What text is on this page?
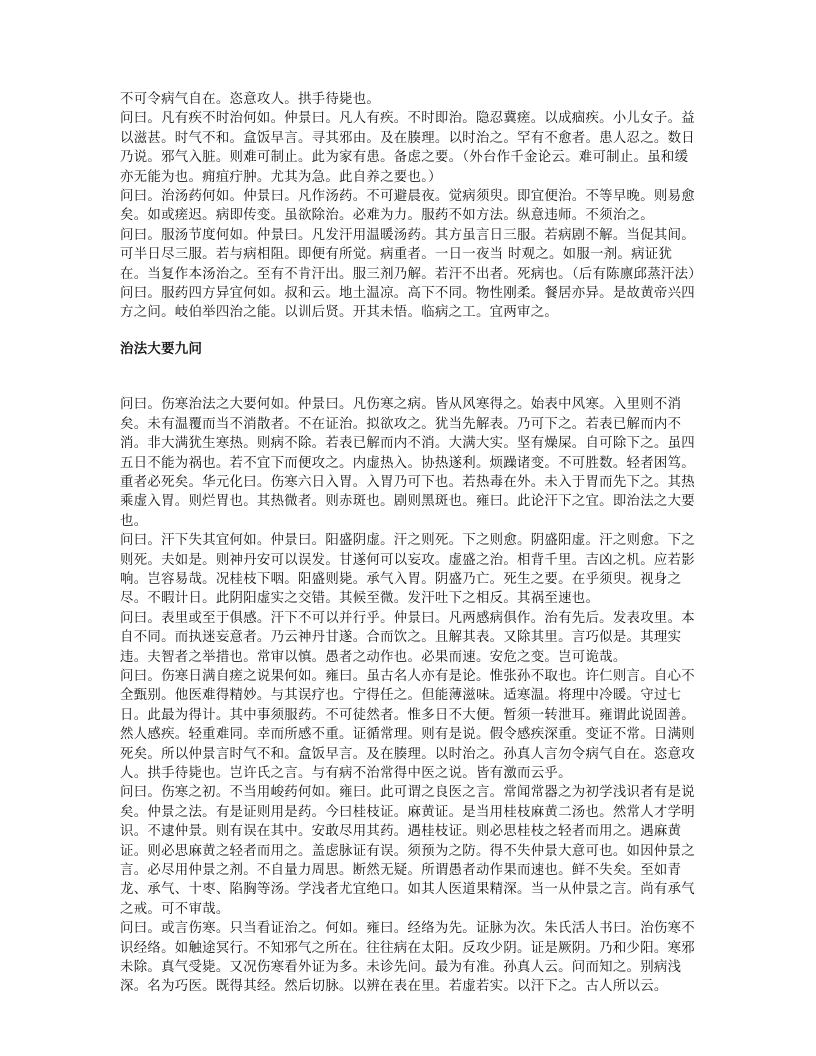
不可令病气自在。恣意攻人。拱手待毙也。

问曰。凡有疾不时治何如。仲景曰。凡人有疾。不时即治。隐忍冀瘥。以成痼疾。小儿女子。益以滋甚。时气不和。盒饭早言。寻其邪由。及在腠理。以时治之。罕有不愈者。患人忍之。数日乃说。邪气入脏。则难可制止。此为家有患。备虑之要。（外台作千金论云。难可制止。虽和缓亦无能为也。痈疽疔肿。尤其为急。此自养之要也。）

问曰。治汤药何如。仲景曰。凡作汤药。不可避晨夜。觉病须臾。即宜便治。不等早晚。则易愈矣。如或瘥迟。病即传变。虽欲除治。必难为力。服药不如方法。纵意违师。不须治之。

问曰。服汤节度何如。仲景曰。凡发汗用温暖汤药。其方虽言日三服。若病剧不解。当促其间。可半日尽三服。若与病相阻。即便有所觉。病重者。一日一夜当 时观之。如服一剂。病证犹在。当复作本汤治之。至有不肯汗出。服三剂乃解。若汗不出者。死病也。（后有陈廪邱蒸汗法）

问曰。服药四方异宜何如。叔和云。地土温凉。高下不同。物性刚柔。餐居亦异。是故黄帝兴四方之问。岐伯举四治之能。以训后贤。开其未悟。临病之工。宜两审之。

治法大要九问

问曰。伤寒治法之大要何如。仲景曰。凡伤寒之病。皆从风寒得之。始表中风寒。入里则不消矣。未有温覆而当不消散者。不在证治。拟欲攻之。犹当先解表。乃可下之。若表已解而内不消。非大满犹生寒热。则病不除。若表已解而内不消。大满大实。坚有燥屎。自可除下之。虽四五日不能为祸也。若不宜下而便攻之。内虚热入。协热遂利。烦躁诸变。不可胜数。轻者困笃。重者必死矣。华元化曰。伤寒六日入胃。入胃乃可下也。若热毒在外。未入于胃而先下之。其热乘虚入胃。则烂胃也。其热微者。则赤斑也。剧则黑斑也。雍曰。此论汗下之宜。即治法之大要也。

问曰。汗下失其宜何如。仲景曰。阳盛阴虚。汗之则死。下之则愈。阴盛阳虚。汗之则愈。下之则死。夫如是。则神丹安可以误发。甘遂何可以妄攻。虚盛之治。相背千里。吉凶之机。应若影响。岂容易哉。况桂枝下咽。阳盛则毙。承气入胃。阴盛乃亡。死生之要。在乎须臾。视身之尽。不暇计日。此阴阳虚实之交错。其候至微。发汗吐下之相反。其祸至速也。

问曰。表里或至于俱感。汗下不可以并行乎。仲景曰。凡两感病俱作。治有先后。发表攻里。本自不同。而执迷妄意者。乃云神丹甘遂。合而饮之。且解其表。又除其里。言巧似是。其理实违。夫智者之举措也。常审以慎。愚者之动作也。必果而速。安危之变。岂可诡哉。

问曰。伤寒日满自瘥之说果何如。雍曰。虽古名人亦有是论。惟张孙不取也。许仁则言。自心不全甄别。他医难得精妙。与其误疗也。宁得任之。但能薄滋味。适寒温。将理中冷暖。守过七日。此最为得计。其中事须服药。不可徒然者。惟多日不大便。暂须一转泄耳。雍谓此说固善。然人感疾。轻重难同。幸而所感不重。证循常理。则有是说。假令感疾深重。变证不常。日满则死矣。所以仲景言时气不和。盒饭早言。及在腠理。以时治之。孙真人言勿令病气自在。恣意攻人。拱手待毙也。岂许氏之言。与有病不治常得中医之说。皆有激而云乎。

问曰。伤寒之初。不当用峻药何如。雍曰。此可谓之良医之言。常闻常器之为初学浅识者有是说矣。仲景之法。有是证则用是药。今曰桂枝证。麻黄证。是当用桂枝麻黄二汤也。然常人才学明识。不逮仲景。则有误在其中。安敢尽用其药。遇桂枝证。则必思桂枝之轻者而用之。遇麻黄证。则必思麻黄之轻者而用之。盖虑脉证有误。须预为之防。得不失仲景大意可也。如因仲景之言。必尽用仲景之剂。不自量力周思。断然无疑。所谓愚者动作果而速也。鲜不失矣。至如青龙、承气、十枣、陷胸等汤。学浅者尤宜绝口。如其人医道果精深。当一从仲景之言。尚有承气之戒。可不审哉。

问曰。或言伤寒。只当看证治之。何如。雍曰。经络为先。证脉为次。朱氏活人书曰。治伤寒不识经络。如触途冥行。不知邪气之所在。往往病在太阳。反攻少阴。证是厥阴。乃和少阳。寒邪未除。真气受毙。又况伤寒看外证为多。未诊先问。最为有准。孙真人云。问而知之。别病浅深。名为巧医。既得其经。然后切脉。以辨在表在里。若虚若实。以汗下之。古人所以云。
